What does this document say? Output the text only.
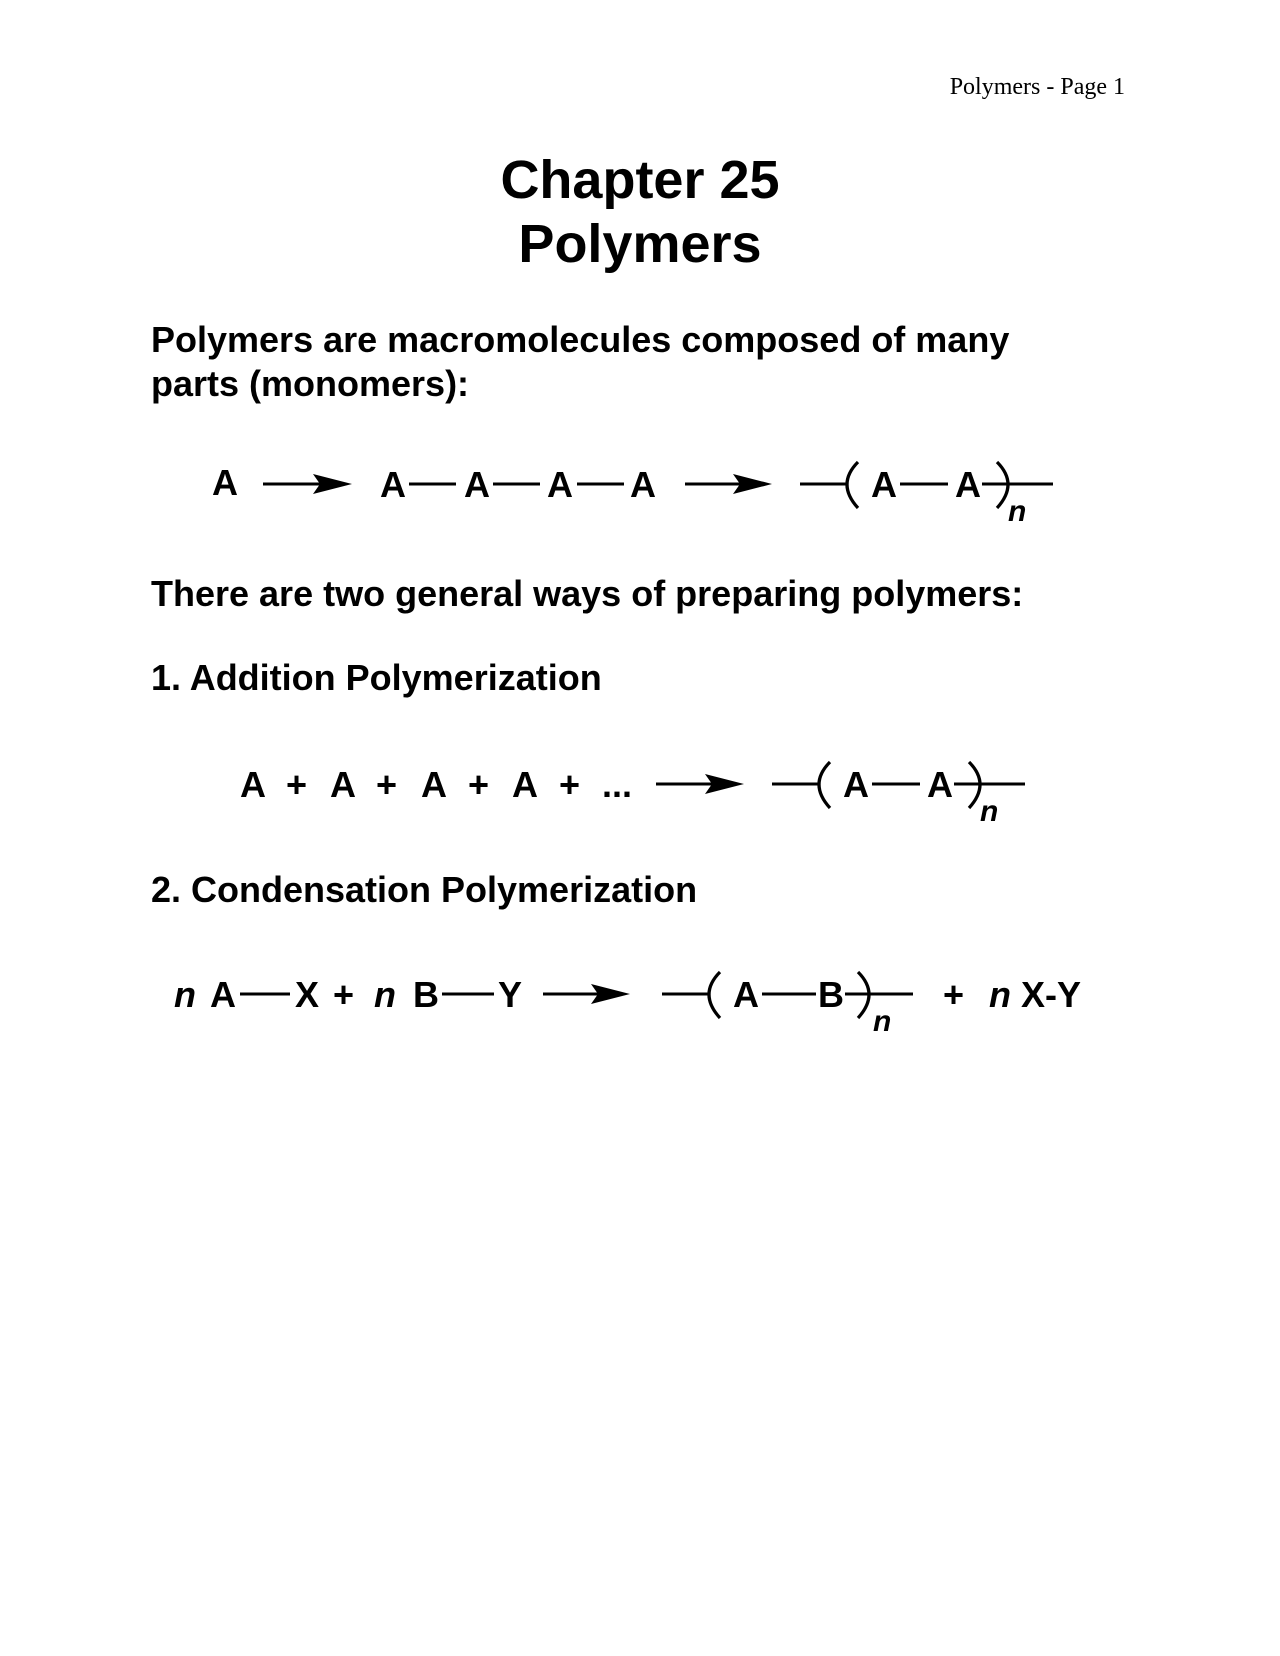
Polymers - Page 1
Chapter 25
Polymers
Polymers are macromolecules composed of many
parts (monomers):
A	A A A A	A A
n
There are two general ways of preparing polymers:
1. Addition Polymerization
A + A + A + A + ...	A A
n
2. Condensation Polymerization
n A X + n B Y	A B
n
+ n X-Y
